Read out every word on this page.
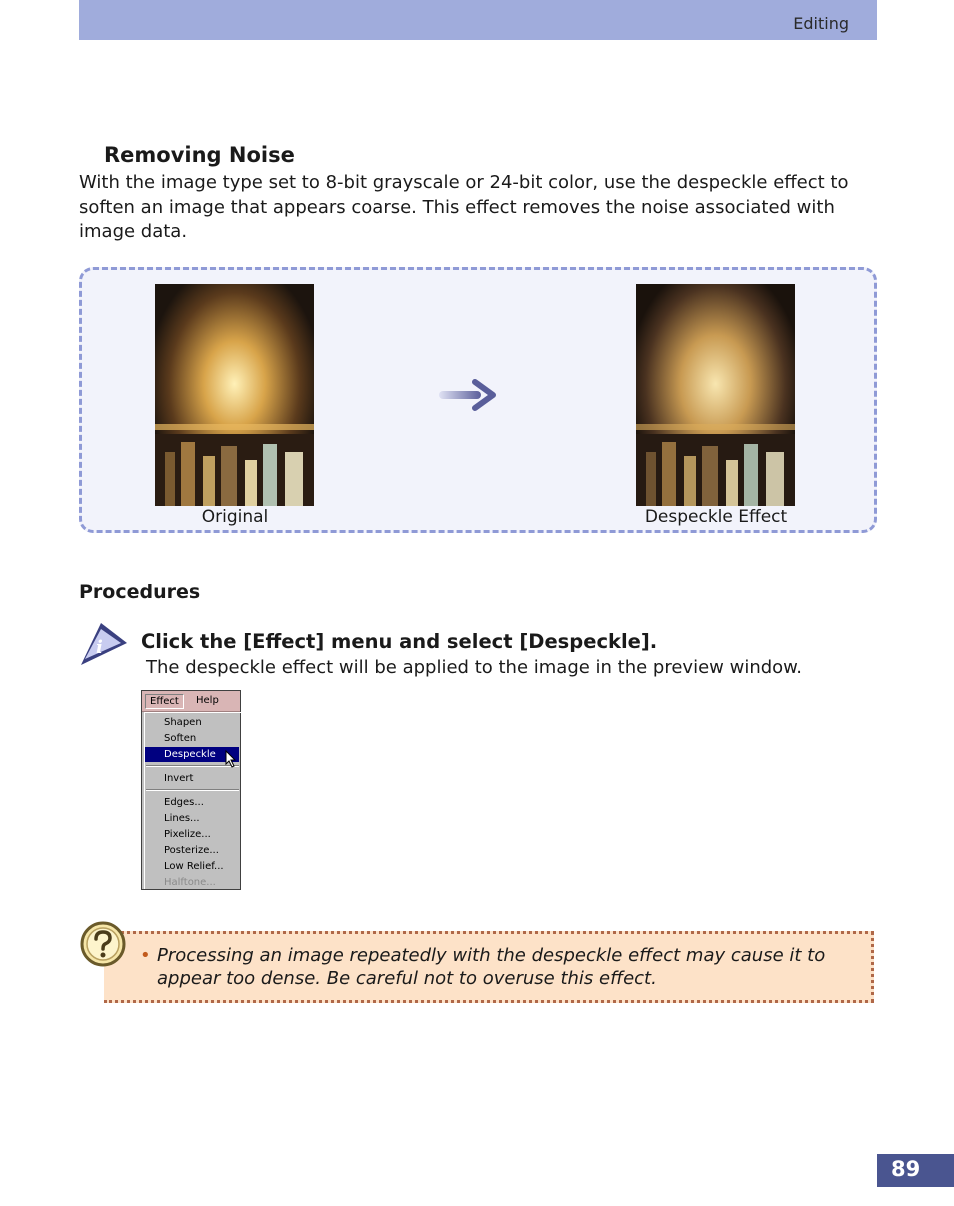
Editing
Removing Noise

With the image type set to 8-bit grayscale or 24-bit color, use the despeckle effect to soften an image that appears coarse. This effect removes the noise associated with image data.

Original	Despeckle Effect
Procedures
i Click the [Effect] menu and select [Despeckle].
The despeckle effect will be applied to the image in the preview window.
Effect	Help
Shapen
Soften
Despeckle
Invert
Edges...
Lines...
Pixelize...
Posterize...
Low Relief...
Halftone...
• Processing an image repeatedly with the despeckle effect may cause it to appear too dense. Be careful not to overuse this effect.
89
